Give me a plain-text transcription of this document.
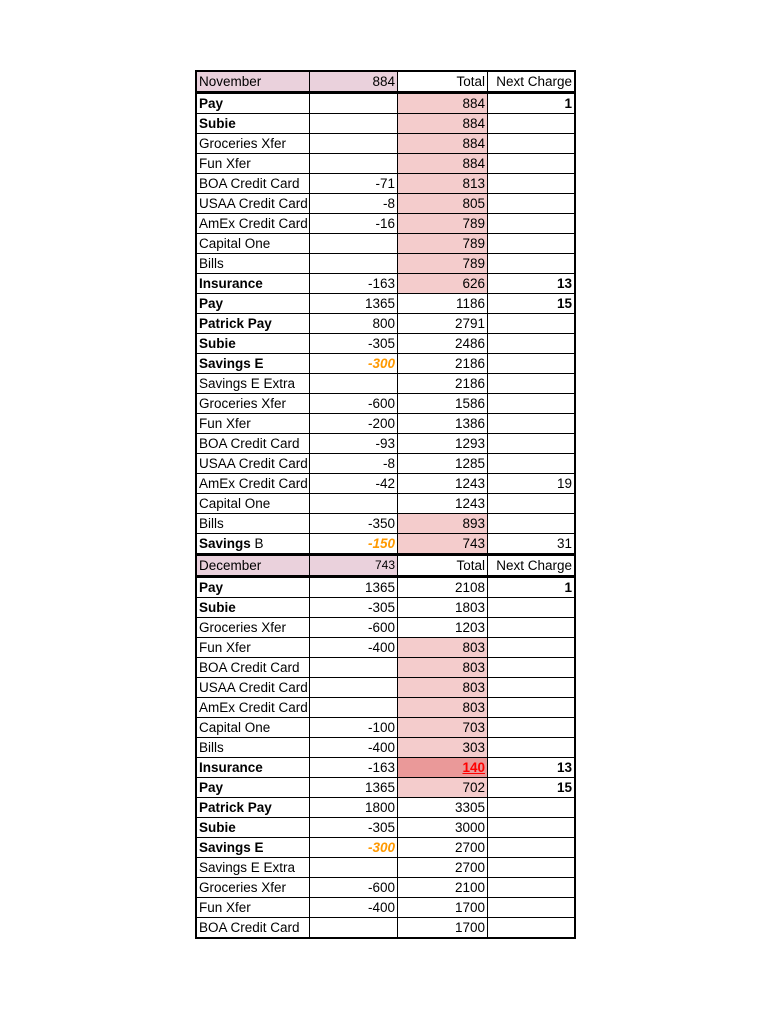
November	884	Total	Next Charge
Pay		884	1
Subie		884	
Groceries Xfer		884	
Fun Xfer		884	
BOA Credit Card	-71	813	
USAA Credit Card	-8	805	
AmEx Credit Card	-16	789	
Capital One		789	
Bills		789	
Insurance	-163	626	13
Pay	1365	1186	15
Patrick Pay	800	2791	
Subie	-305	2486	
Savings E	-300	2186	
Savings E Extra		2186	
Groceries Xfer	-600	1586	
Fun Xfer	-200	1386	
BOA Credit Card	-93	1293	
USAA Credit Card	-8	1285	
AmEx Credit Card	-42	1243	19
Capital One		1243	
Bills	-350	893	
Savings B	-150	743	31
December	743	Total	Next Charge
Pay	1365	2108	1
Subie	-305	1803	
Groceries Xfer	-600	1203	
Fun Xfer	-400	803	
BOA Credit Card		803	
USAA Credit Card		803	
AmEx Credit Card		803	
Capital One	-100	703	
Bills	-400	303	
Insurance	-163	140	13
Pay	1365	702	15
Patrick Pay	1800	3305	
Subie	-305	3000	
Savings E	-300	2700	
Savings E Extra		2700	
Groceries Xfer	-600	2100	
Fun Xfer	-400	1700	
BOA Credit Card		1700	
